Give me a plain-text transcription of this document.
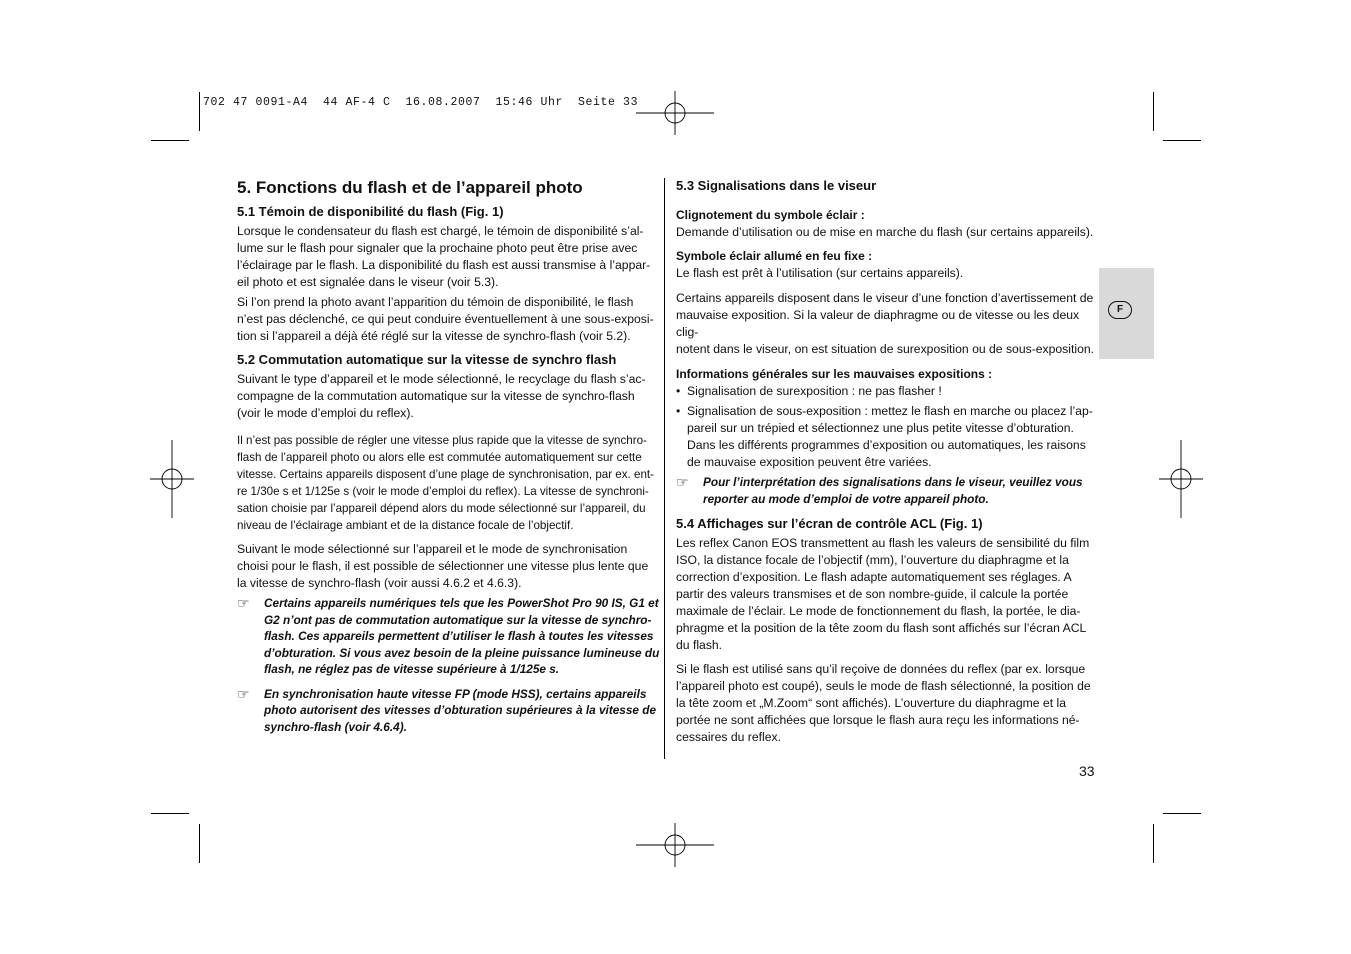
702 47 0091-A4  44 AF-4 C  16.08.2007  15:46 Uhr  Seite 33
F
5. Fonctions du flash et de l’appareil photo
5.1 Témoin de disponibilité du flash (Fig. 1)

Lorsque le condensateur du flash est chargé, le témoin de disponibilité s’al-
lume sur le flash pour signaler que la prochaine photo peut être prise avec
l’éclairage par le flash. La disponibilité du flash est aussi transmise à l’appar-
eil photo et est signalée dans le viseur (voir 5.3).

Si l’on prend la photo avant l’apparition du témoin de disponibilité, le flash
n’est pas déclenché, ce qui peut conduire éventuellement à une sous-exposi-
tion si l’appareil a déjà été réglé sur la vitesse de synchro-flash (voir 5.2).

5.2 Commutation automatique sur la vitesse de synchro flash

Suivant le type d’appareil et le mode sélectionné, le recyclage du flash s’ac-
compagne de la commutation automatique sur la vitesse de synchro-flash
(voir le mode d’emploi du reflex).

Il n’est pas possible de régler une vitesse plus rapide que la vitesse de synchro-
flash de l’appareil photo ou alors elle est commutée automatiquement sur cette
vitesse. Certains appareils disposent d’une plage de synchronisation, par ex. ent-
re 1/30e s et 1/125e s (voir le mode d’emploi du reflex). La vitesse de synchroni-
sation choisie par l’appareil dépend alors du mode sélectionné sur l’appareil, du
niveau de l’éclairage ambiant et de la distance focale de l’objectif.

Suivant le mode sélectionné sur l’appareil et le mode de synchronisation
choisi pour le flash, il est possible de sélectionner une vitesse plus lente que
la vitesse de synchro-flash (voir aussi 4.6.2 et 4.6.3).

☞	Certains appareils numériques tels que les PowerShot Pro 90 IS, G1 et
G2 n’ont pas de commutation automatique sur la vitesse de synchro-
flash. Ces appareils permettent d’utiliser le flash à toutes les vitesses
d’obturation. Si vous avez besoin de la pleine puissance lumineuse du
flash, ne réglez pas de vitesse supérieure à 1/125e s.
☞	En synchronisation haute vitesse FP (mode HSS), certains appareils
photo autorisent des vitesses d’obturation supérieures à la vitesse de
synchro-flash (voir 4.6.4).
5.3 Signalisations dans le viseur
Clignotement du symbole éclair :

Demande d’utilisation ou de mise en marche du flash (sur certains appareils).

Symbole éclair allumé en feu fixe :

Le flash est prêt à l’utilisation (sur certains appareils).

Certains appareils disposent dans le viseur d’une fonction d’avertissement de
mauvaise exposition. Si la valeur de diaphragme ou de vitesse ou les deux clig-
notent dans le viseur, on est situation de surexposition ou de sous-exposition.

Informations générales sur les mauvaises expositions :
• Signalisation de surexposition : ne pas flasher !
• Signalisation de sous-exposition : mettez le flash en marche ou placez l’ap-
pareil sur un trépied et sélectionnez une plus petite vitesse d’obturation.
Dans les différents programmes d’exposition ou automatiques, les raisons
de mauvaise exposition peuvent être variées.
☞	Pour l’interprétation des signalisations dans le viseur, veuillez vous
reporter au mode d’emploi de votre appareil photo.
5.4 Affichages sur l’écran de contrôle ACL (Fig. 1)

Les reflex Canon EOS transmettent au flash les valeurs de sensibilité du film
ISO, la distance focale de l’objectif (mm), l’ouverture du diaphragme et la
correction d’exposition. Le flash adapte automatiquement ses réglages. A
partir des valeurs transmises et de son nombre-guide, il calcule la portée
maximale de l’éclair. Le mode de fonctionnement du flash, la portée, le dia-
phragme et la position de la tête zoom du flash sont affichés sur l’écran ACL
du flash.

Si le flash est utilisé sans qu’il reçoive de données du reflex (par ex. lorsque
l’appareil photo est coupé), seuls le mode de flash sélectionné, la position de
la tête zoom et „M.Zoom“ sont affichés). L’ouverture du diaphragme et la
portée ne sont affichées que lorsque le flash aura reçu les informations né-
cessaires du reflex.

33
